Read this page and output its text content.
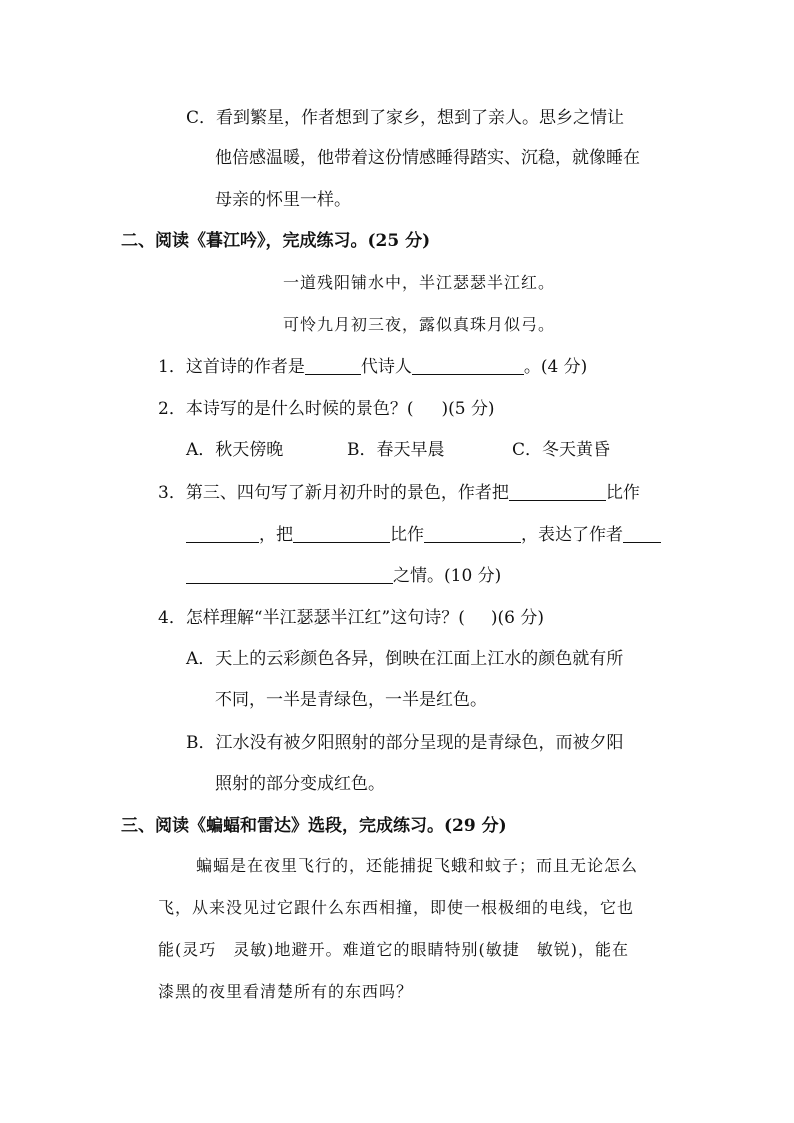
C．看到繁星，作者想到了家乡，想到了亲人。思乡之情让
他倍感温暖，他带着这份情感睡得踏实、沉稳，就像睡在
母亲的怀里一样。
二、阅读《暮江吟》，完成练习。(25 分)
一道残阳铺水中，半江瑟瑟半江红。
可怜九月初三夜，露似真珠月似弓。
1．这首诗的作者是	代诗人	。(4 分)
2．本诗写的是什么时候的景色？( )(5 分)
A．秋天傍晚	B．春天早晨	C．冬天黄昏
3．第三、四句写了新月初升时的景色，作者把	比作
，把	比作	，表达了作者
之情。(10 分)
4．怎样理解“半江瑟瑟半江红”这句诗？( )(6 分)
A．天上的云彩颜色各异，倒映在江面上江水的颜色就有所
不同，一半是青绿色，一半是红色。
B．江水没有被夕阳照射的部分呈现的是青绿色，而被夕阳
照射的部分变成红色。
三、阅读《蝙蝠和雷达》选段，完成练习。(29 分)
蝙蝠是在夜里飞行的，还能捕捉飞蛾和蚊子；而且无论怎么
飞，从来没见过它跟什么东西相撞，即使一根极细的电线，它也
能(灵巧　灵敏)地避开。难道它的眼睛特别(敏捷　敏锐)，能在
漆黑的夜里看清楚所有的东西吗？
